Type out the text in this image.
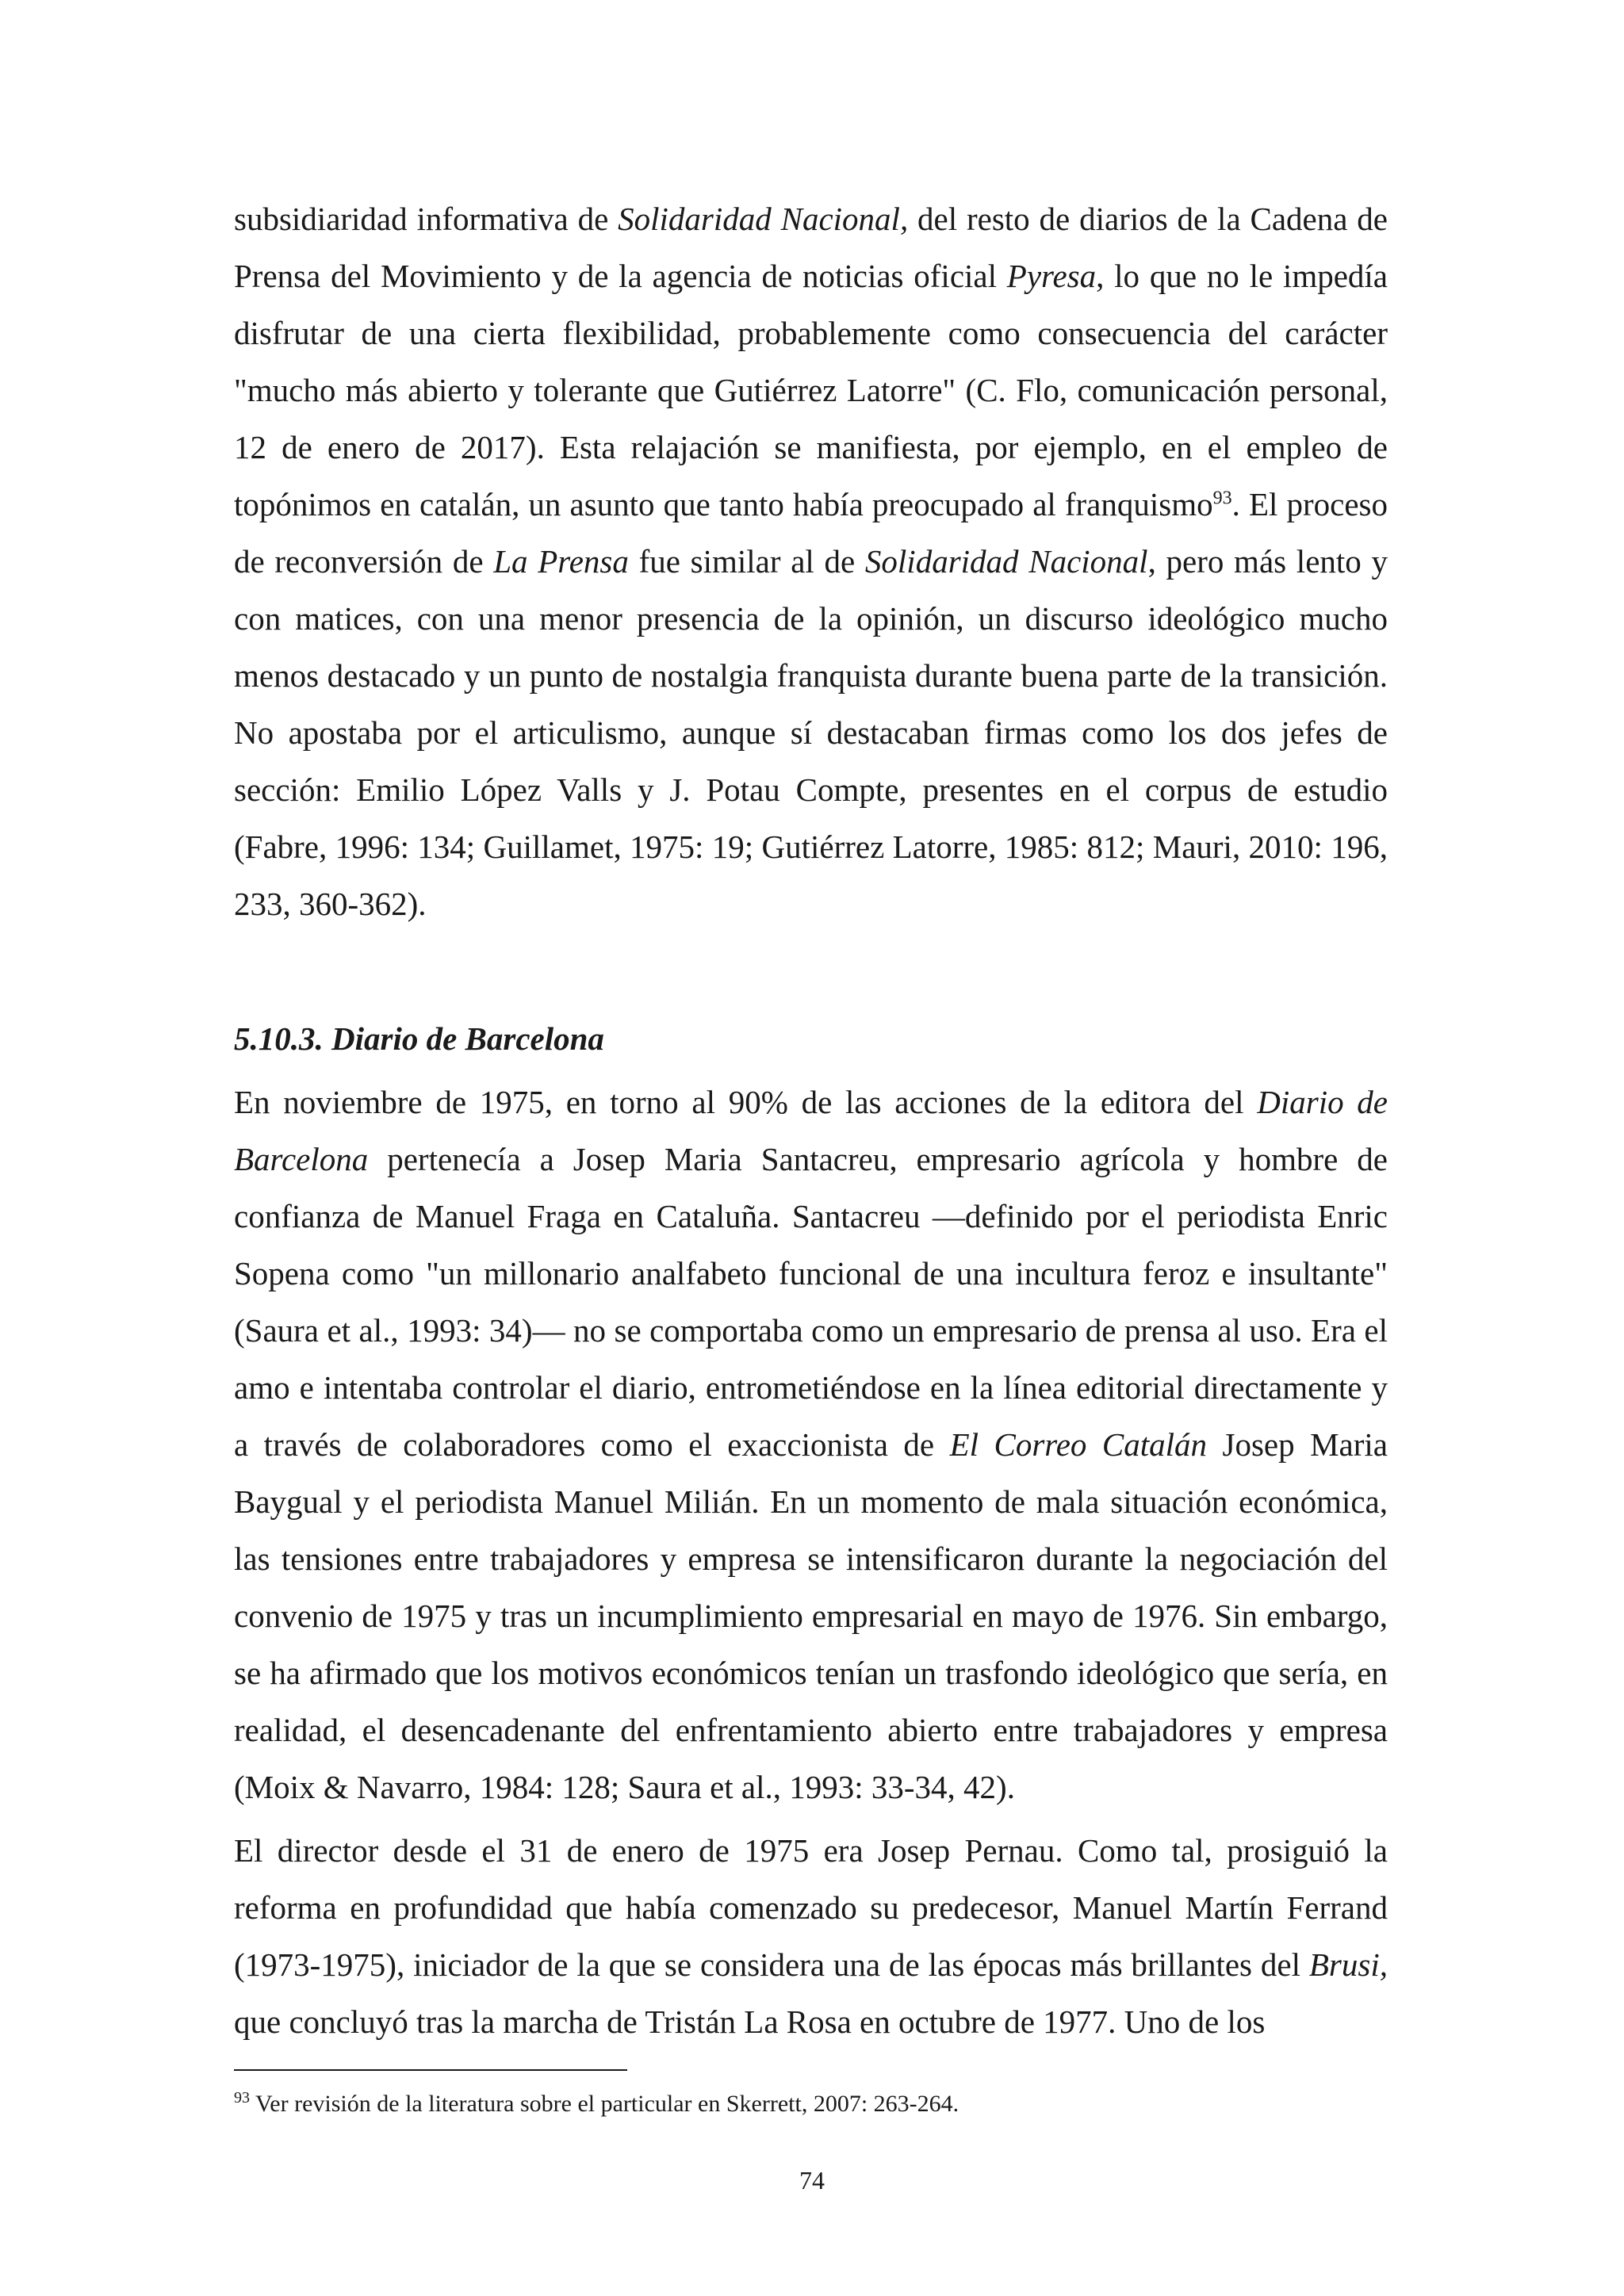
subsidiaridad informativa de Solidaridad Nacional, del resto de diarios de la Cadena de Prensa del Movimiento y de la agencia de noticias oficial Pyresa, lo que no le impedía disfrutar de una cierta flexibilidad, probablemente como consecuencia del carácter "mucho más abierto y tolerante que Gutiérrez Latorre" (C. Flo, comunicación personal, 12 de enero de 2017). Esta relajación se manifiesta, por ejemplo, en el empleo de topónimos en catalán, un asunto que tanto había preocupado al franquismo$^{93}$. El proceso de reconversión de La Prensa fue similar al de Solidaridad Nacional, pero más lento y con matices, con una menor presencia de la opinión, un discurso ideológico mucho menos destacado y un punto de nostalgia franquista durante buena parte de la transición. No apostaba por el articulismo, aunque sí destacaban firmas como los dos jefes de sección: Emilio López Valls y J. Potau Compte, presentes en el corpus de estudio (Fabre, 1996: 134; Guillamet, 1975: 19; Gutiérrez Latorre, 1985: 812; Mauri, 2010: 196, 233, 360-362).

5.10.3. Diario de Barcelona

En noviembre de 1975, en torno al 90% de las acciones de la editora del Diario de Barcelona pertenecía a Josep Maria Santacreu, empresario agrícola y hombre de confianza de Manuel Fraga en Cataluña. Santacreu —definido por el periodista Enric Sopena como "un millonario analfabeto funcional de una incultura feroz e insultante" (Saura et al., 1993: 34)— no se comportaba como un empresario de prensa al uso. Era el amo e intentaba controlar el diario, entrometiéndose en la línea editorial directamente y a través de colaboradores como el exaccionista de El Correo Catalán Josep Maria Baygual y el periodista Manuel Milián. En un momento de mala situación económica, las tensiones entre trabajadores y empresa se intensificaron durante la negociación del convenio de 1975 y tras un incumplimiento empresarial en mayo de 1976. Sin embargo, se ha afirmado que los motivos económicos tenían un trasfondo ideológico que sería, en realidad, el desencadenante del enfrentamiento abierto entre trabajadores y empresa (Moix & Navarro, 1984: 128; Saura et al., 1993: 33-34, 42).

El director desde el 31 de enero de 1975 era Josep Pernau. Como tal, prosiguió la reforma en profundidad que había comenzado su predecesor, Manuel Martín Ferrand (1973-1975), iniciador de la que se considera una de las épocas más brillantes del Brusi, que concluyó tras la marcha de Tristán La Rosa en octubre de 1977. Uno de los

$^{93}$ Ver revisión de la literatura sobre el particular en Skerrett, 2007: 263-264.

74
